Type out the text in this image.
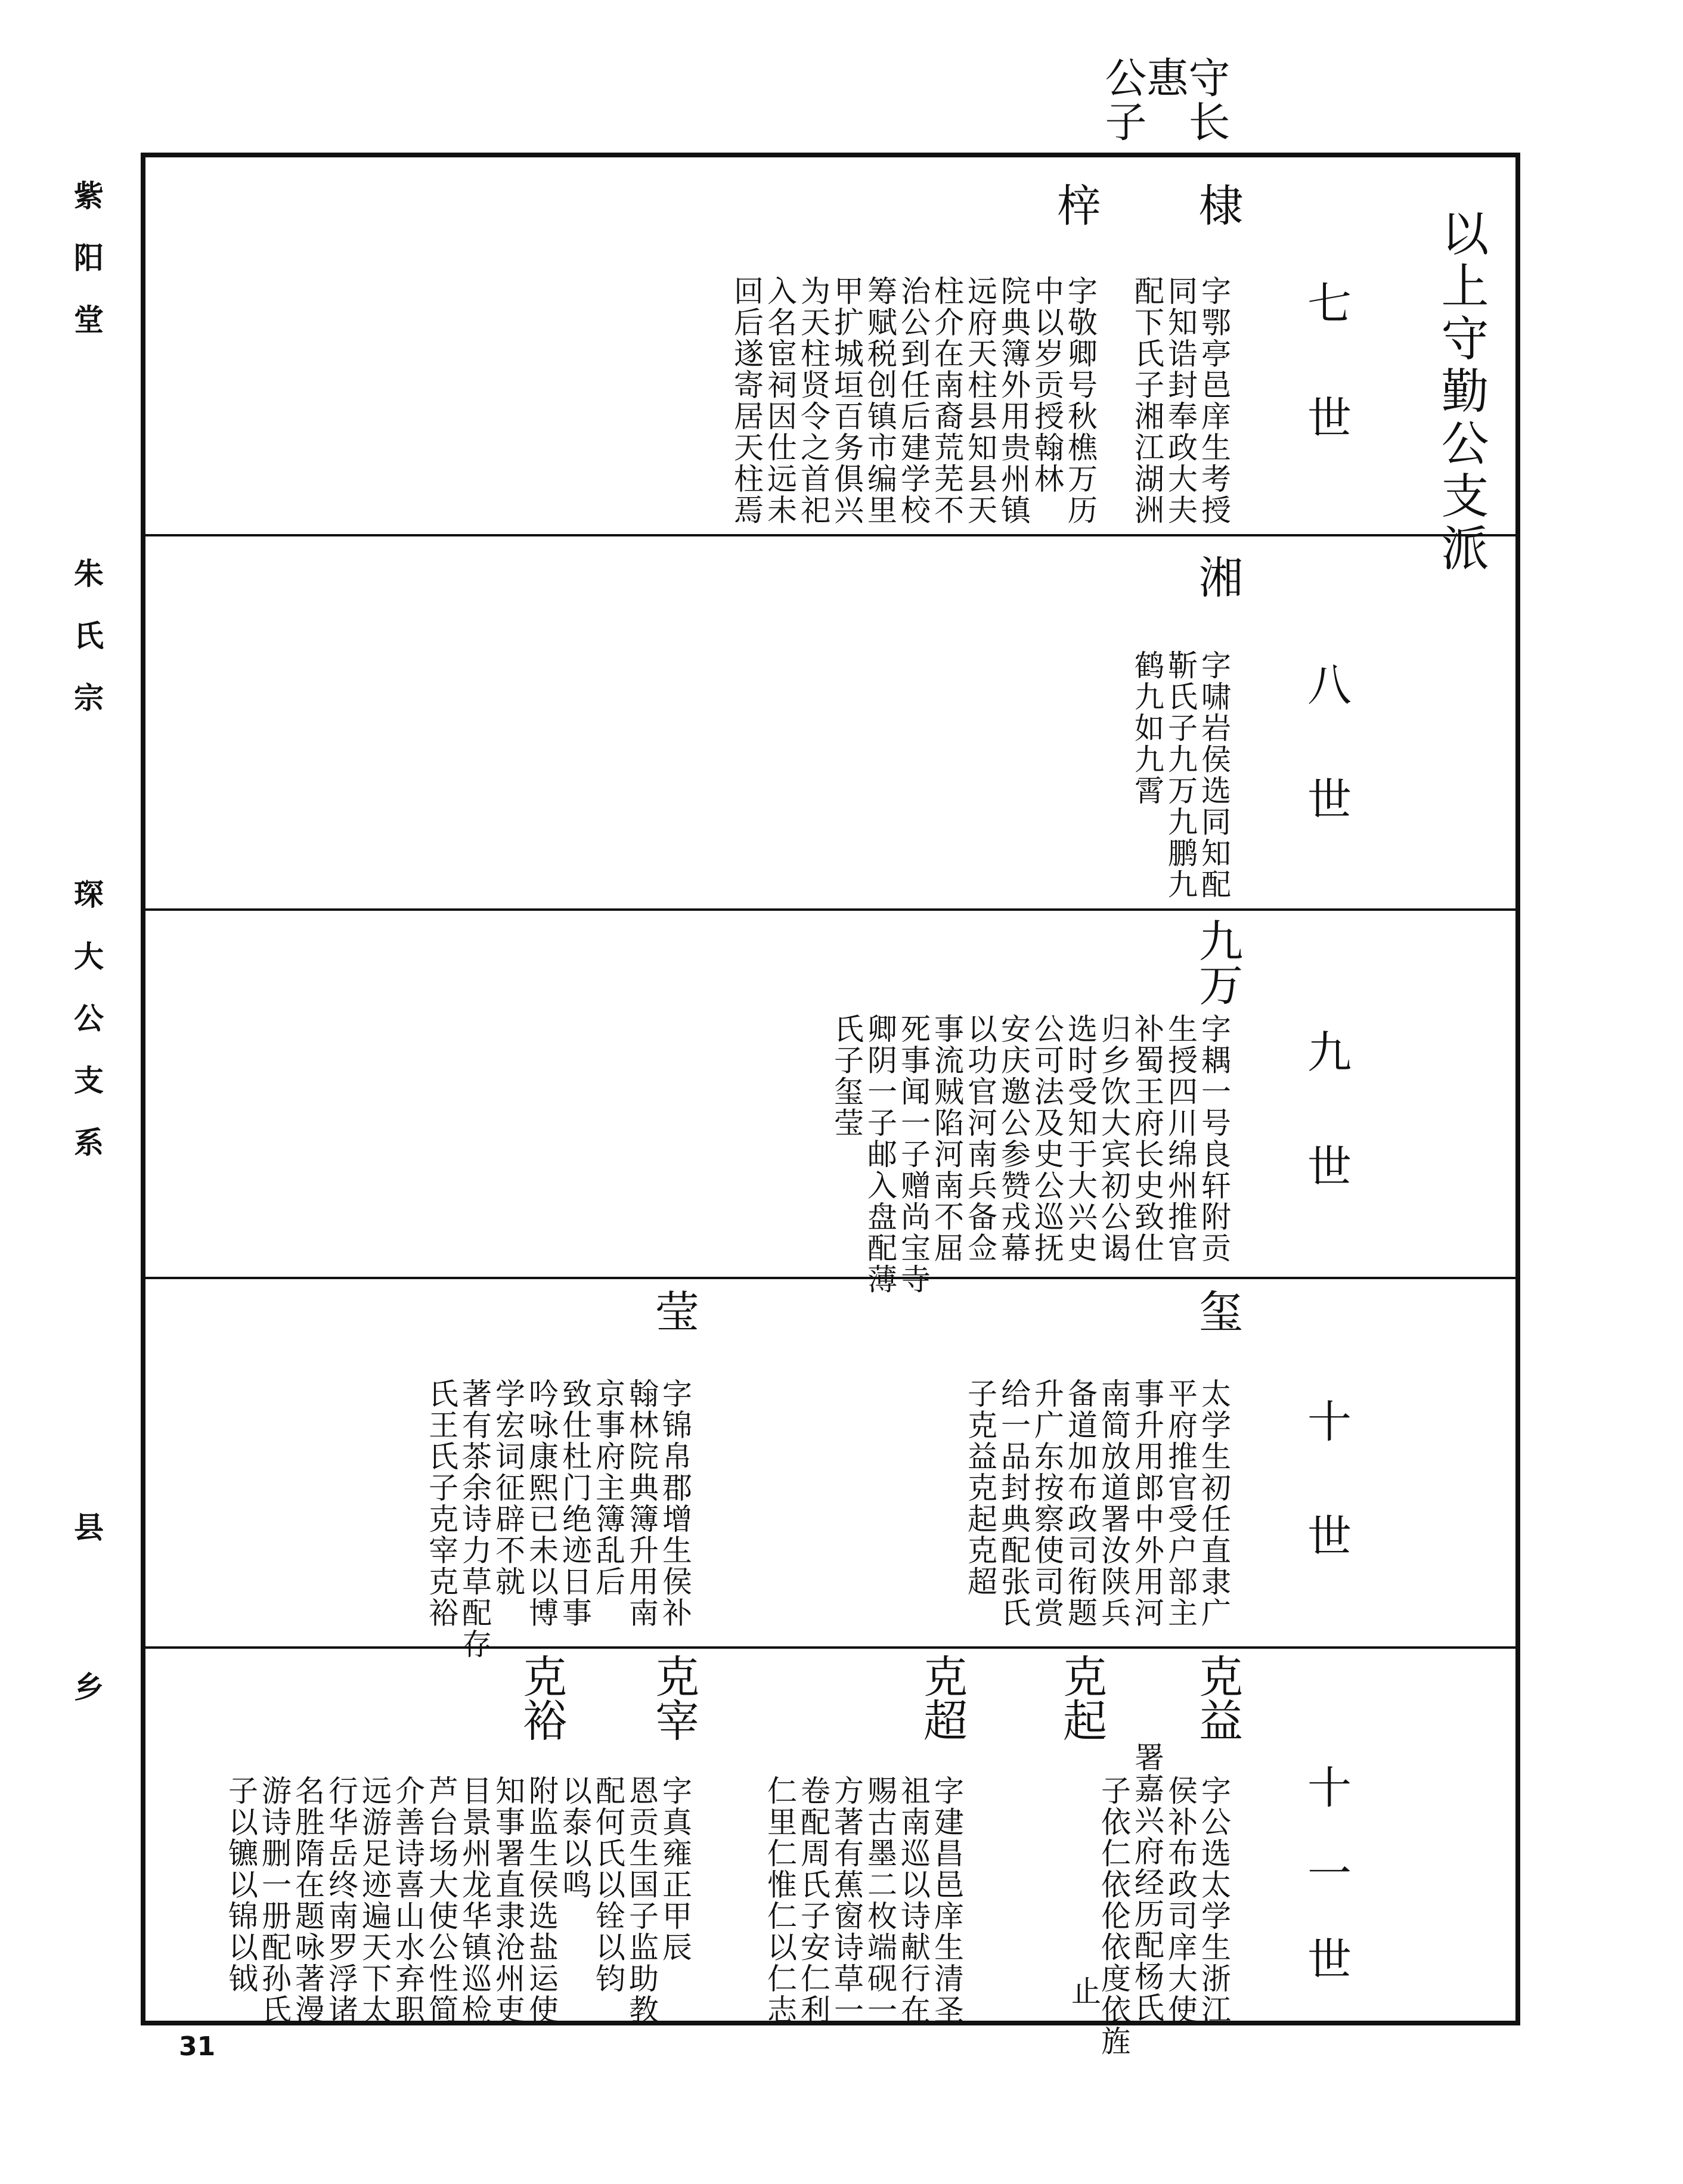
守长
惠
公子
紫
阳
堂
朱
氏
宗
琛
大
公
支
系
县
乡
以上守勤公支派
七世
八世
九世
十世
十一世
棣
字鄂亭邑庠生考授
同知诰封奉政大夫
配下氏子湘江湖洲
梓
字敬卿号秋樵万历
中以岁贡授翰林
院典簿外用贵州镇
远府天柱县知县天
柱介在南裔荒芜不
治公到任后建学校
筹赋税创镇市编里
甲扩城垣百务俱兴
为天柱贤令之首祀
入名宦祠因仕远未
回后遂寄居天柱焉
湘
字啸岩侯选同知配
靳氏子九万九鹏九
鹤九如九霄
九万
字耦一号良轩附贡
生授四川绵州推官
补蜀王府长史致仕
归乡饮大宾初公谒
选时受知于大兴史
公可法及史公巡抚
安庆邀公参赞戎幕
以功官河南兵备佥
事流贼陷河南不屈
死事闻一子赠尚宝寺
卿阴一子邮入盘配薄
氏子玺莹
玺
太学生初任直隶广
平府推官受户部主
事升用郎中外用河
南简放道署汝陕兵
备道加布政司衔题
升广东按察使司赏
给一品封典配张氏
子克益克起克超
莹
字锦帛郡增生侯补
翰林院典簿升用南
京事府主簿乱后
致仕杜门绝迹日事
吟咏康熙已未以博
学宏词征辟不就
著有茶余诗力草配存
氏王氏子克宰克裕
克益
字公选太学生浙江
侯补布政司庠大使
署嘉兴府经历配杨氏
子依仁依伦依度依旌
克起
止
克超
字建昌邑庠生清圣
祖南巡以诗献行在
赐古墨二枚端砚一
方著有蕉窗诗草一
卷配周氏子安仁利
仁里仁惟仁以仁志
克宰
字真雍正甲辰
恩贡生国子监助教
配何氏以铨以钧
以泰以鸣
克裕
附监生侯选盐运使
知事署直隶沧州吏
目景州龙华镇巡检
芦台场大使公性简
介善诗喜山水弃职
远游足迹遍天下太
行华岳终南罗浮诸
名胜隋在题咏著漫
游诗删一册配孙氏
子以镳以锦以钺
31
